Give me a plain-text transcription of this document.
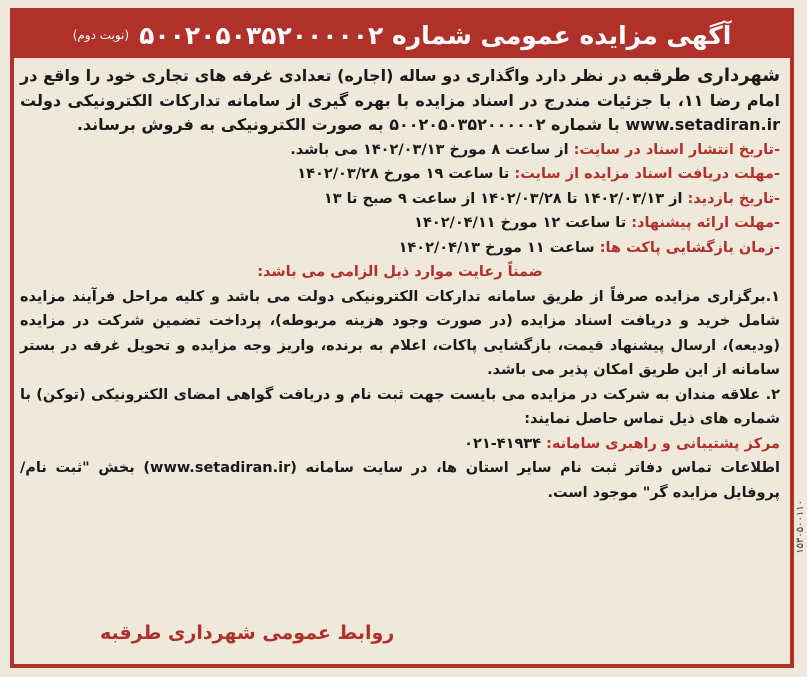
آگهی مزایده عمومی شماره ۵۰۰۲۰۵۰۳۵۲۰۰۰۰۰۲
(نوبت دوم)

شهرداری طرقبه در نظر دارد واگذاری دو ساله (اجاره) تعدادی غرفه های تجاری خود را واقع در امام رضا ۱۱، با جزئیات مندرج در اسناد مزایده با بهره گیری از سامانه تدارکات الکترونیکی دولت www.setadiran.ir با شماره ۵۰۰۲۰۵۰۳۵۲۰۰۰۰۰۲ به صورت الکترونیکی به فروش برساند.

-تاریخ انتشار اسناد در سایت: از ساعت ۸ مورخ ۱۴۰۲/۰۳/۱۳ می باشد.

-مهلت دریافت اسناد مزایده از سایت: تا ساعت ۱۹ مورخ ۱۴۰۲/۰۳/۲۸

-تاریخ بازدید: از ۱۴۰۲/۰۳/۱۳ تا ۱۴۰۲/۰۳/۲۸ از ساعت ۹ صبح تا ۱۳

-مهلت ارائه پیشنهاد: تا ساعت ۱۲ مورخ ۱۴۰۲/۰۴/۱۱

-زمان بازگشایی پاکت ها: ساعت ۱۱ مورخ ۱۴۰۲/۰۴/۱۳

ضمناً رعایت موارد ذیل الزامی می باشد:

۱.برگزاری مزایده صرفاً از طریق سامانه تدارکات الکترونیکی دولت می باشد و کلیه مراحل فرآیند مزایده شامل خرید و دریافت اسناد مزایده (در صورت وجود هزینه مربوطه)، پرداخت تضمین شرکت در مزایده (ودیعه)، ارسال پیشنهاد قیمت، بازگشایی پاکات، اعلام به برنده، واریز وجه مزایده و تحویل غرفه در بستر سامانه از این طریق امکان پذیر می باشد.

۲. علاقه مندان به شرکت در مزایده می بایست جهت ثبت نام و دریافت گواهی امضای الکترونیکی (توکن) با شماره های ذیل تماس حاصل نمایند:

مرکز پشتیبانی و راهبری سامانه: ۰۲۱-۴۱۹۳۴

اطلاعات تماس دفاتر ثبت نام سایر استان ها، در سایت سامانه (www.setadiran.ir) بخش "ثبت نام/ پروفایل مزایده گر" موجود است.

روابط عمومی شهرداری طرقبه
۱۵۳۰۵۰۰۱۱۰
